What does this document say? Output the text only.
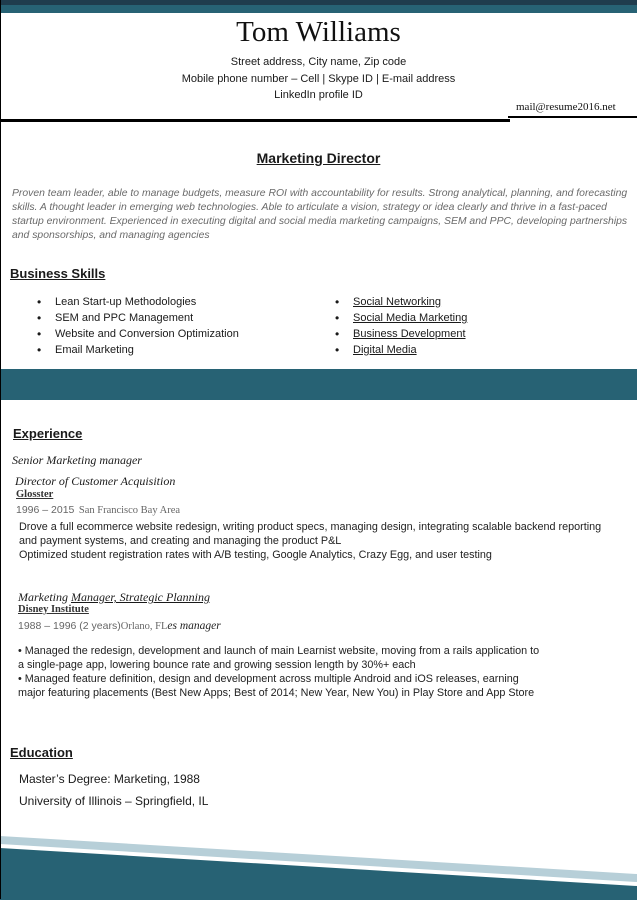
Tom Williams
Street address, City name, Zip code
Mobile phone number – Cell | Skype ID | E-mail address
LinkedIn profile ID
mail@resume2016.net
Marketing Director
Proven team leader, able to manage budgets, measure ROI with accountability for results. Strong analytical, planning, and forecasting skills. A thought leader in emerging web technologies. Able to articulate a vision, strategy or idea clearly and thrive in a fast-paced startup environment. Experienced in executing digital and social media marketing campaigns, SEM and PPC, developing partnerships and sponsorships, and managing agencies
Business Skills
• Lean Start-up Methodologies
• SEM and PPC Management
• Website and Conversion Optimization
• Email Marketing
• Social Networking
• Social Media Marketing
• Business Development
• Digital Media
Experience
Senior Marketing manager
Director of Customer Acquisition
Glosster
1996 – 2015 San Francisco Bay Area
Drove a full ecommerce website redesign, writing product specs, managing design, integrating scalable backend reporting
and payment systems, and creating and managing the product P&L
Optimized student registration rates with A/B testing, Google Analytics, Crazy Egg, and user testing
Marketing Manager, Strategic Planning
Disney Institute
1988 – 1996 (2 years)Orlano, FLes manager
• Managed the redesign, development and launch of main Learnist website, moving from a rails application to
a single-page app, lowering bounce rate and growing session length by 30%+ each
• Managed feature definition, design and development across multiple Android and iOS releases, earning
major featuring placements (Best New Apps; Best of 2014; New Year, New You) in Play Store and App Store
Education
Master’s Degree: Marketing, 1988
University of Illinois – Springfield, IL
